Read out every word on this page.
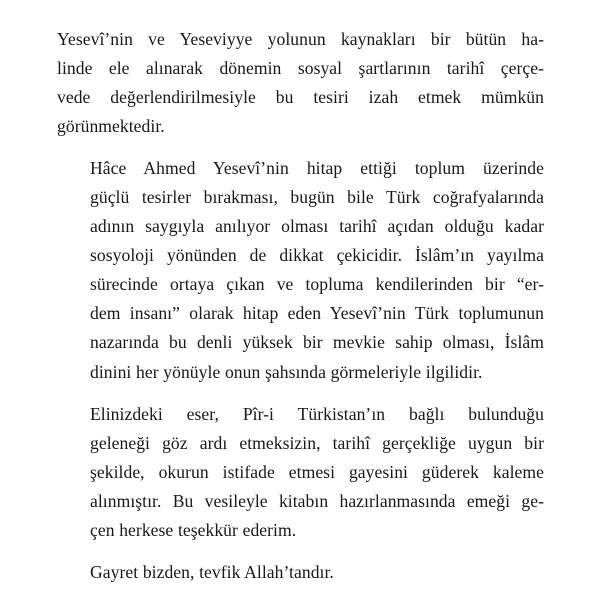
Yesevî’nin ve Yeseviyye yolunun kaynakları bir bütün ha-
linde ele alınarak dönemin sosyal şartlarının tarihî çerçe-
vede değerlendirilmesiyle bu tesiri izah etmek mümkün
görünmektedir.

Hâce Ahmed Yesevî’nin hitap ettiği toplum üzerinde
güçlü tesirler bırakması, bugün bile Türk coğrafyalarında
adının saygıyla anılıyor olması tarihî açıdan olduğu kadar
sosyoloji yönünden de dikkat çekicidir. İslâm’ın yayılma
sürecinde ortaya çıkan ve topluma kendilerinden bir “er-
dem insanı” olarak hitap eden Yesevî’nin Türk toplumunun
nazarında bu denli yüksek bir mevkie sahip olması, İslâm
dinini her yönüyle onun şahsında görmeleriyle ilgilidir.

Elinizdeki eser, Pîr-i Türkistan’ın bağlı bulunduğu
geleneği göz ardı etmeksizin, tarihî gerçekliğe uygun bir
şekilde, okurun istifade etmesi gayesini güderek kaleme
alınmıştır. Bu vesileyle kitabın hazırlanmasında emeği ge-
çen herkese teşekkür ederim.

Gayret bizden, tevfik Allah’tandır.
